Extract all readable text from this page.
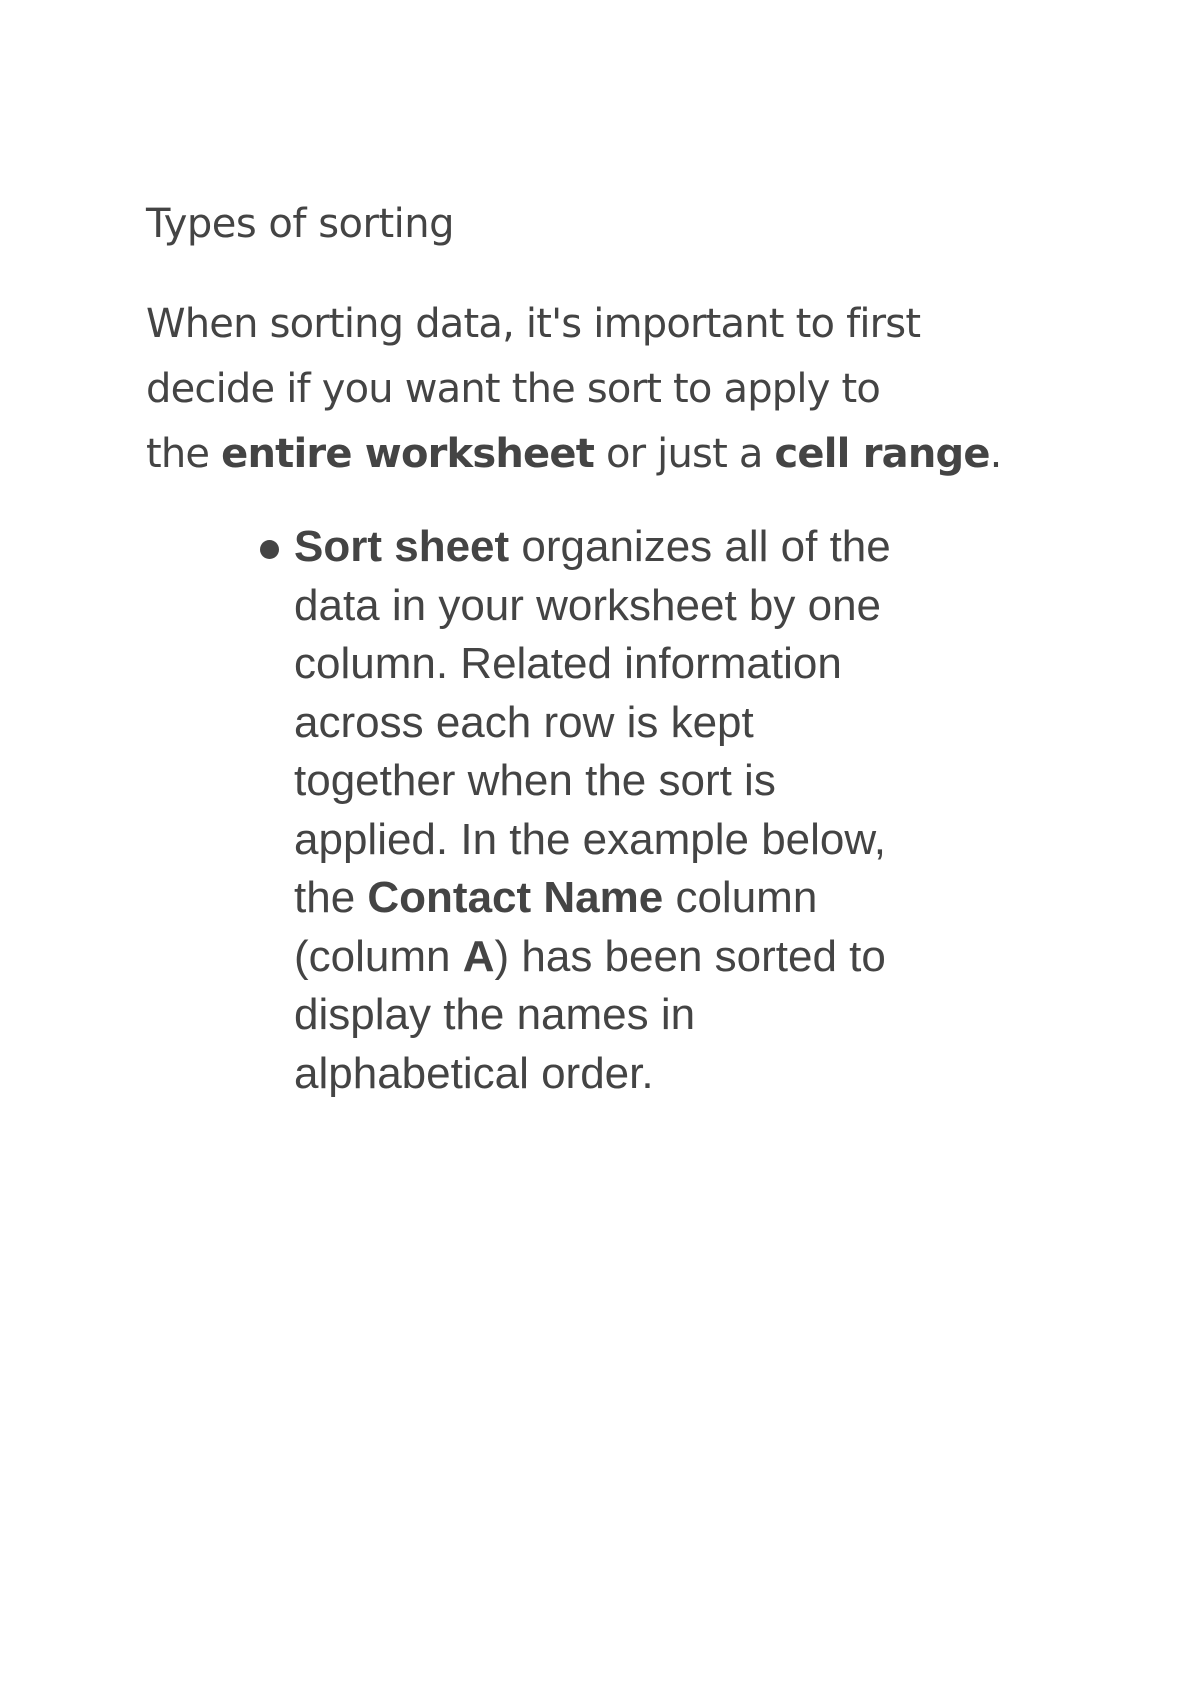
Types of sorting

When sorting data, it's important to first
decide if you want the sort to apply to
the entire worksheet or just a cell range.

Sort sheet organizes all of the
data in your worksheet by one
column. Related information
across each row is kept
together when the sort is
applied. In the example below,
the Contact Name column
(column A) has been sorted to
display the names in
alphabetical order.
